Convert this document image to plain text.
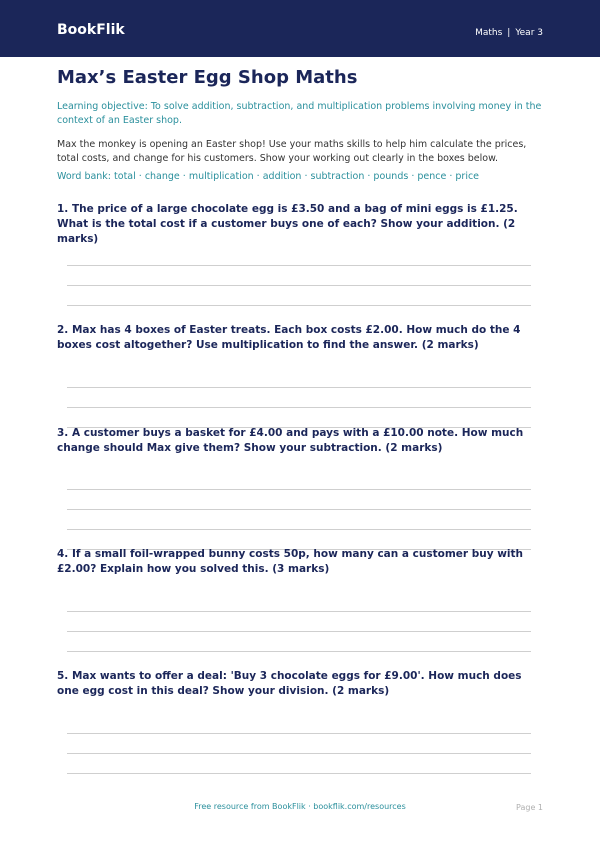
BookFlik	Maths | Year 3
Max’s Easter Egg Shop Maths
Learning objective: To solve addition, subtraction, and multiplication problems involving money in the context of an Easter shop.
Max the monkey is opening an Easter shop! Use your maths skills to help him calculate the prices, total costs, and change for his customers. Show your working out clearly in the boxes below.
Word bank: total · change · multiplication · addition · subtraction · pounds · pence · price
1. The price of a large chocolate egg is £3.50 and a bag of mini eggs is £1.25. What is the total cost if a customer buys one of each? Show your addition. (2 marks)
2. Max has 4 boxes of Easter treats. Each box costs £2.00. How much do the 4 boxes cost altogether? Use multiplication to find the answer. (2 marks)
3. A customer buys a basket for £4.00 and pays with a £10.00 note. How much change should Max give them? Show your subtraction. (2 marks)
4. If a small foil-wrapped bunny costs 50p, how many can a customer buy with £2.00? Explain how you solved this. (3 marks)
5. Max wants to offer a deal: 'Buy 3 chocolate eggs for £9.00'. How much does one egg cost in this deal? Show your division. (2 marks)
Free resource from BookFlik · bookflik.com/resources	Page 1
